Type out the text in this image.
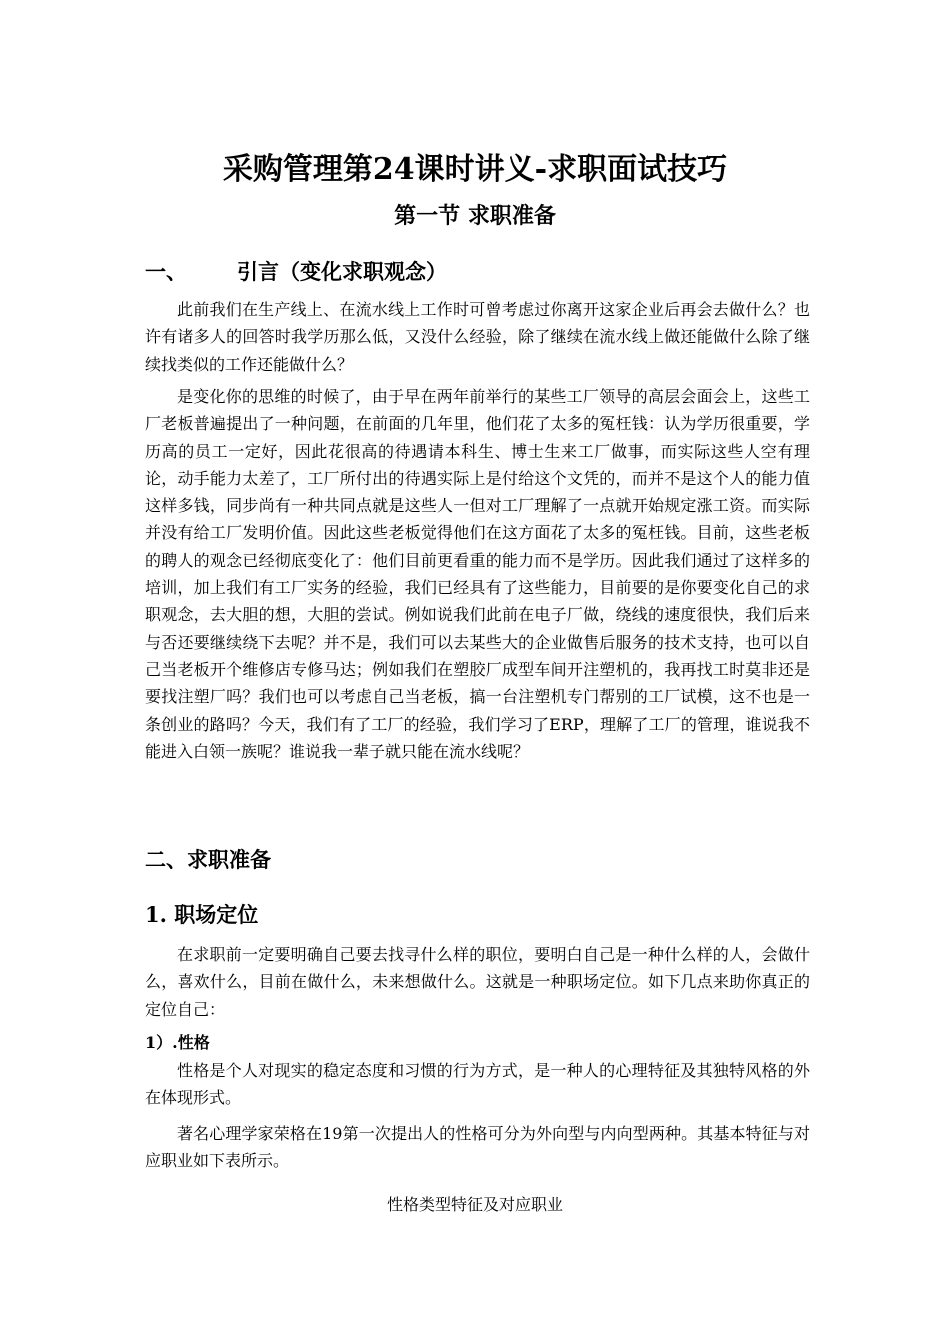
采购管理第24课时讲义-求职面试技巧
第一节 求职准备
一、 引言（变化求职观念）

此前我们在生产线上、在流水线上工作时可曾考虑过你离开这家企业后再会去做什么？也许有诸多人的回答时我学历那么低，又没什么经验，除了继续在流水线上做还能做什么除了继续找类似的工作还能做什么？

是变化你的思维的时候了，由于早在两年前举行的某些工厂领导的高层会面会上，这些工厂老板普遍提出了一种问题，在前面的几年里，他们花了太多的冤枉钱：认为学历很重要，学历高的员工一定好，因此花很高的待遇请本科生、博士生来工厂做事，而实际这些人空有理论，动手能力太差了，工厂所付出的待遇实际上是付给这个文凭的，而并不是这个人的能力值这样多钱，同步尚有一种共同点就是这些人一但对工厂理解了一点就开始规定涨工资。而实际并没有给工厂发明价值。因此这些老板觉得他们在这方面花了太多的冤枉钱。目前，这些老板的聘人的观念已经彻底变化了：他们目前更看重的能力而不是学历。因此我们通过了这样多的培训，加上我们有工厂实务的经验，我们已经具有了这些能力，目前要的是你要变化自己的求职观念，去大胆的想，大胆的尝试。例如说我们此前在电子厂做，绕线的速度很快，我们后来与否还要继续绕下去呢？并不是，我们可以去某些大的企业做售后服务的技术支持，也可以自己当老板开个维修店专修马达；例如我们在塑胶厂成型车间开注塑机的，我再找工时莫非还是要找注塑厂吗？我们也可以考虑自己当老板，搞一台注塑机专门帮别的工厂试模，这不也是一条创业的路吗？今天，我们有了工厂的经验，我们学习了ERP，理解了工厂的管理，谁说我不能进入白领一族呢？谁说我一辈子就只能在流水线呢？

二、求职准备
1. 职场定位

在求职前一定要明确自己要去找寻什么样的职位，要明白自己是一种什么样的人，会做什么，喜欢什么，目前在做什么，未来想做什么。这就是一种职场定位。如下几点来助你真正的定位自己：

1）.性格

性格是个人对现实的稳定态度和习惯的行为方式，是一种人的心理特征及其独特风格的外在体现形式。

著名心理学家荣格在19第一次提出人的性格可分为外向型与内向型两种。其基本特征与对应职业如下表所示。

性格类型特征及对应职业
